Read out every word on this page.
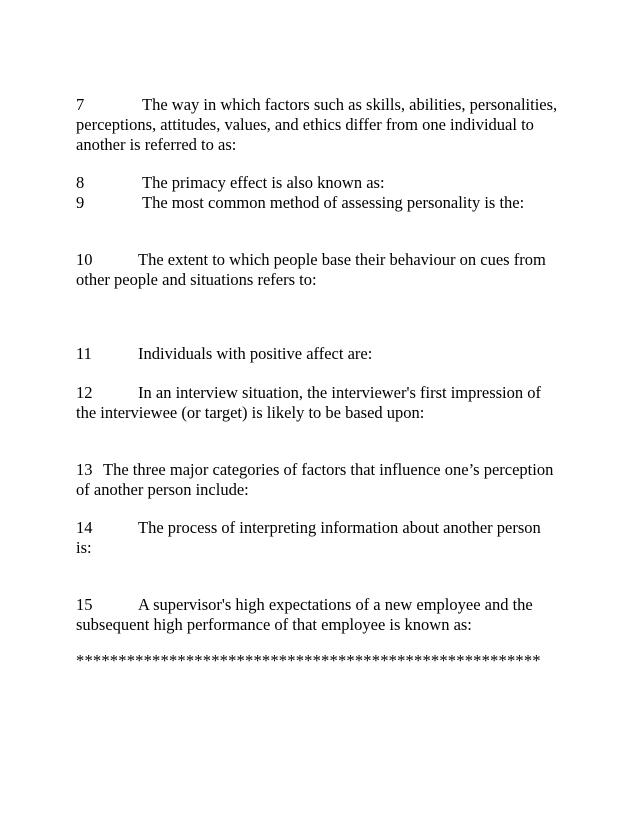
7	The way in which factors such as skills, abilities, personalities,
perceptions, attitudes, values, and ethics differ from one individual to
another is referred to as:
8	The primacy effect is also known as:
9	The most common method of assessing personality is the:
10	The extent to which people base their behaviour on cues from
other people and situations refers to:
11	Individuals with positive affect are:
12	In an interview situation, the interviewer's first impression of
the interviewee (or target) is likely to be based upon:
13 The three major categories of factors that influence one’s perception
of another person include:
14	The process of interpreting information about another person
is:
15	A supervisor's high expectations of a new employee and the
subsequent high performance of that employee is known as:
*******************************************************
